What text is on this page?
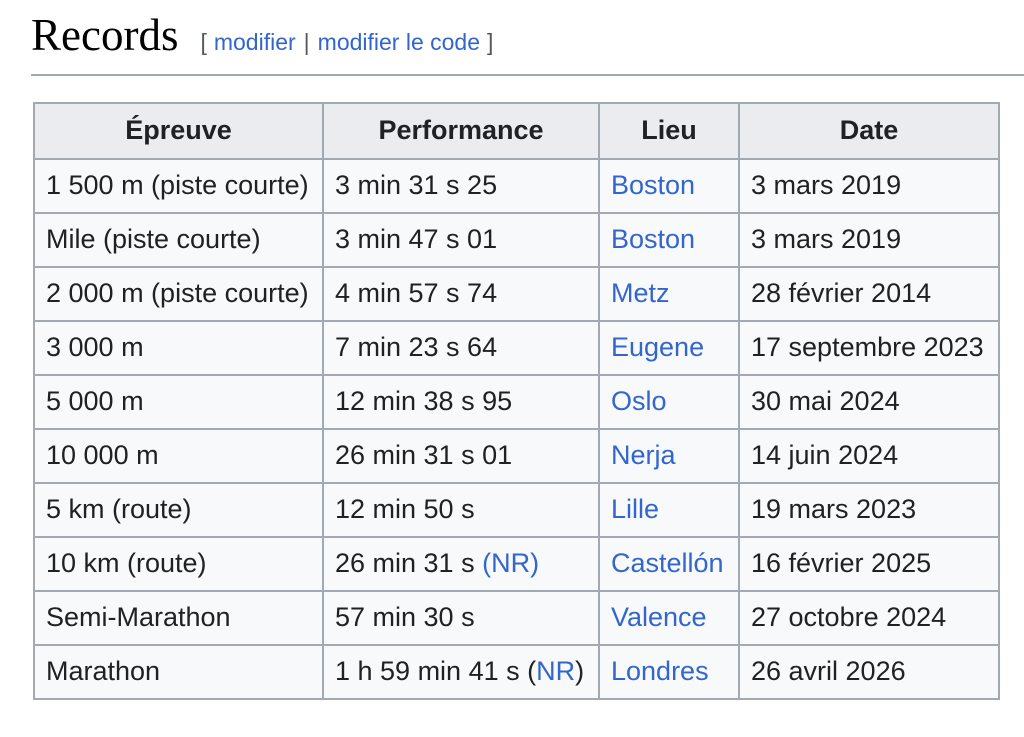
Records [ modifier | modifier le code ]
Épreuve	Performance	Lieu	Date
1 500 m (piste courte)	3 min 31 s 25	Boston	3 mars 2019
Mile (piste courte)	3 min 47 s 01	Boston	3 mars 2019
2 000 m (piste courte)	4 min 57 s 74	Metz	28 février 2014
3 000 m	7 min 23 s 64	Eugene	17 septembre 2023
5 000 m	12 min 38 s 95	Oslo	30 mai 2024
10 000 m	26 min 31 s 01	Nerja	14 juin 2024
5 km (route)	12 min 50 s	Lille	19 mars 2023
10 km (route)	26 min 31 s (NR)	Castellón	16 février 2025
Semi-Marathon	57 min 30 s	Valence	27 octobre 2024
Marathon	1 h 59 min 41 s (NR)	Londres	26 avril 2026
